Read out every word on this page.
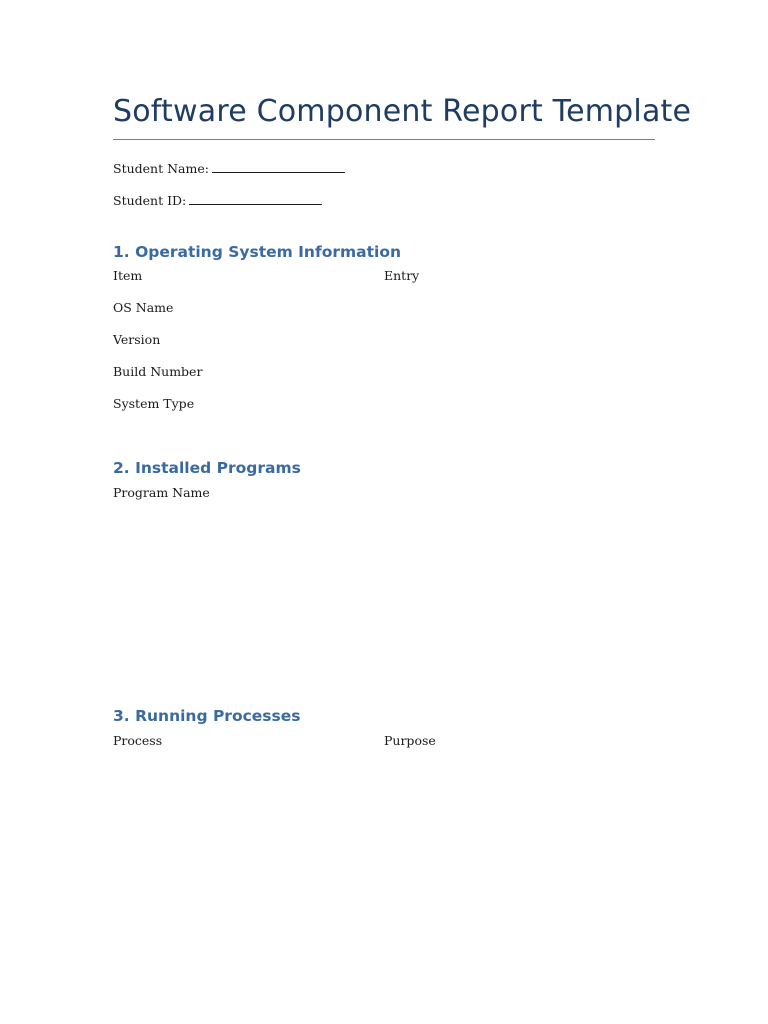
Software Component Report Template
Student Name:
Student ID:
1. Operating System Information
Item	Entry
OS Name
Version
Build Number
System Type
2. Installed Programs
Program Name
3. Running Processes
Process	Purpose
